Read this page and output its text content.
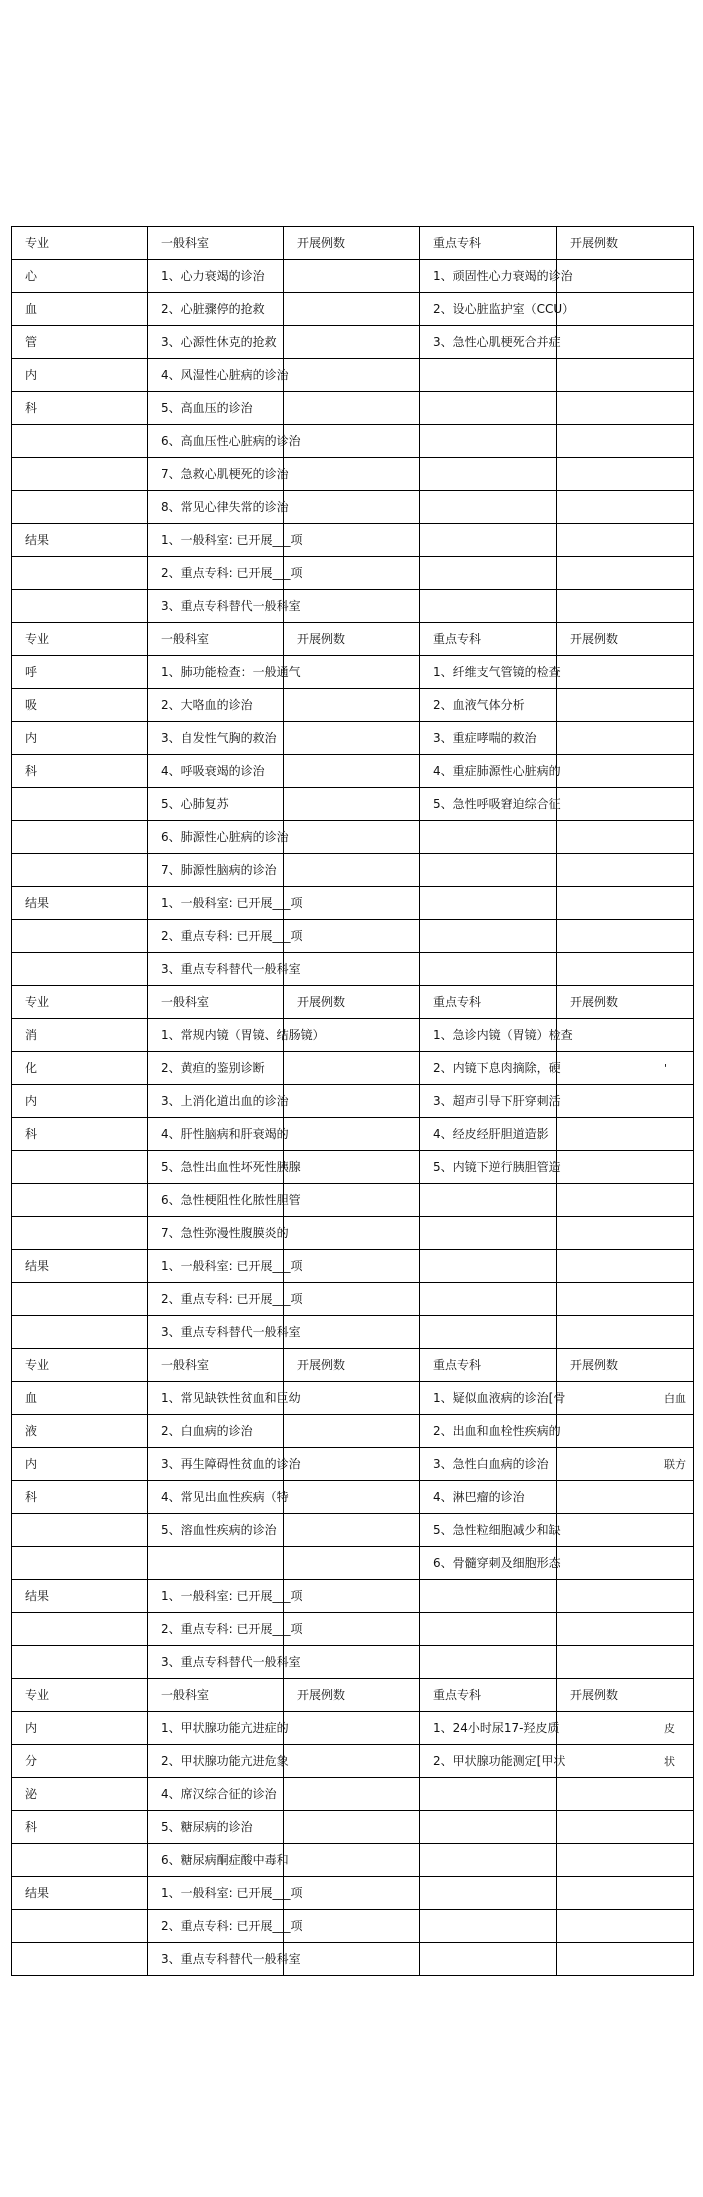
专业	一般科室	开展例数	重点专科	开展例数
心	1、心力衰竭的诊治		1、顽固性心力衰竭的诊治	
血	2、心脏骤停的抢救		2、设心脏监护室（CCU）	
管	3、心源性休克的抢救		3、急性心肌梗死合并症	
内	4、风湿性心脏病的诊治			
科	5、高血压的诊治			
	6、高血压性心脏病的诊治			
	7、急救心肌梗死的诊治			
	8、常见心律失常的诊治			
结果	1、一般科室: 已开展___项			
	2、重点专科: 已开展___项			
	3、重点专科替代一般科室			
专业	一般科室	开展例数	重点专科	开展例数
呼	1、肺功能检查：一般通气		1、纤维支气管镜的检查	
吸	2、大咯血的诊治		2、血液气体分析	
内	3、自发性气胸的救治		3、重症哮喘的救治	
科	4、呼吸衰竭的诊治		4、重症肺源性心脏病的	
	5、心肺复苏		5、急性呼吸窘迫综合征	
	6、肺源性心脏病的诊治			
	7、肺源性脑病的诊治			
结果	1、一般科室: 已开展___项			
	2、重点专科: 已开展___项			
	3、重点专科替代一般科室			
专业	一般科室	开展例数	重点专科	开展例数
消	1、常规内镜（胃镜、结肠镜）		1、急诊内镜（胃镜）检查	
化	2、黄疸的鉴别诊断		2、内镜下息肉摘除，硬	'
内	3、上消化道出血的诊治		3、超声引导下肝穿刺活	
科	4、肝性脑病和肝衰竭的		4、经皮经肝胆道造影	
	5、急性出血性坏死性胰腺		5、内镜下逆行胰胆管造	
	6、急性梗阻性化脓性胆管			
	7、急性弥漫性腹膜炎的			
结果	1、一般科室: 已开展___项			
	2、重点专科: 已开展___项			
	3、重点专科替代一般科室			
专业	一般科室	开展例数	重点专科	开展例数
血	1、常见缺铁性贫血和巨幼		1、疑似血液病的诊治[骨	白血
液	2、白血病的诊治		2、出血和血栓性疾病的	
内	3、再生障碍性贫血的诊治		3、急性白血病的诊治	联方
科	4、常见出血性疾病（特		4、淋巴瘤的诊治	
	5、溶血性疾病的诊治		5、急性粒细胞减少和缺	
			6、骨髓穿刺及细胞形态	
结果	1、一般科室: 已开展___项			
	2、重点专科: 已开展___项			
	3、重点专科替代一般科室			
专业	一般科室	开展例数	重点专科	开展例数
内	1、甲状腺功能亢进症的		1、24小时尿17-羟皮质	皮
分	2、甲状腺功能亢进危象		2、甲状腺功能测定[甲状	状
泌	4、席汉综合征的诊治			
科	5、糖尿病的诊治			
	6、糖尿病酮症酸中毒和			
结果	1、一般科室: 已开展___项			
	2、重点专科: 已开展___项			
	3、重点专科替代一般科室			
